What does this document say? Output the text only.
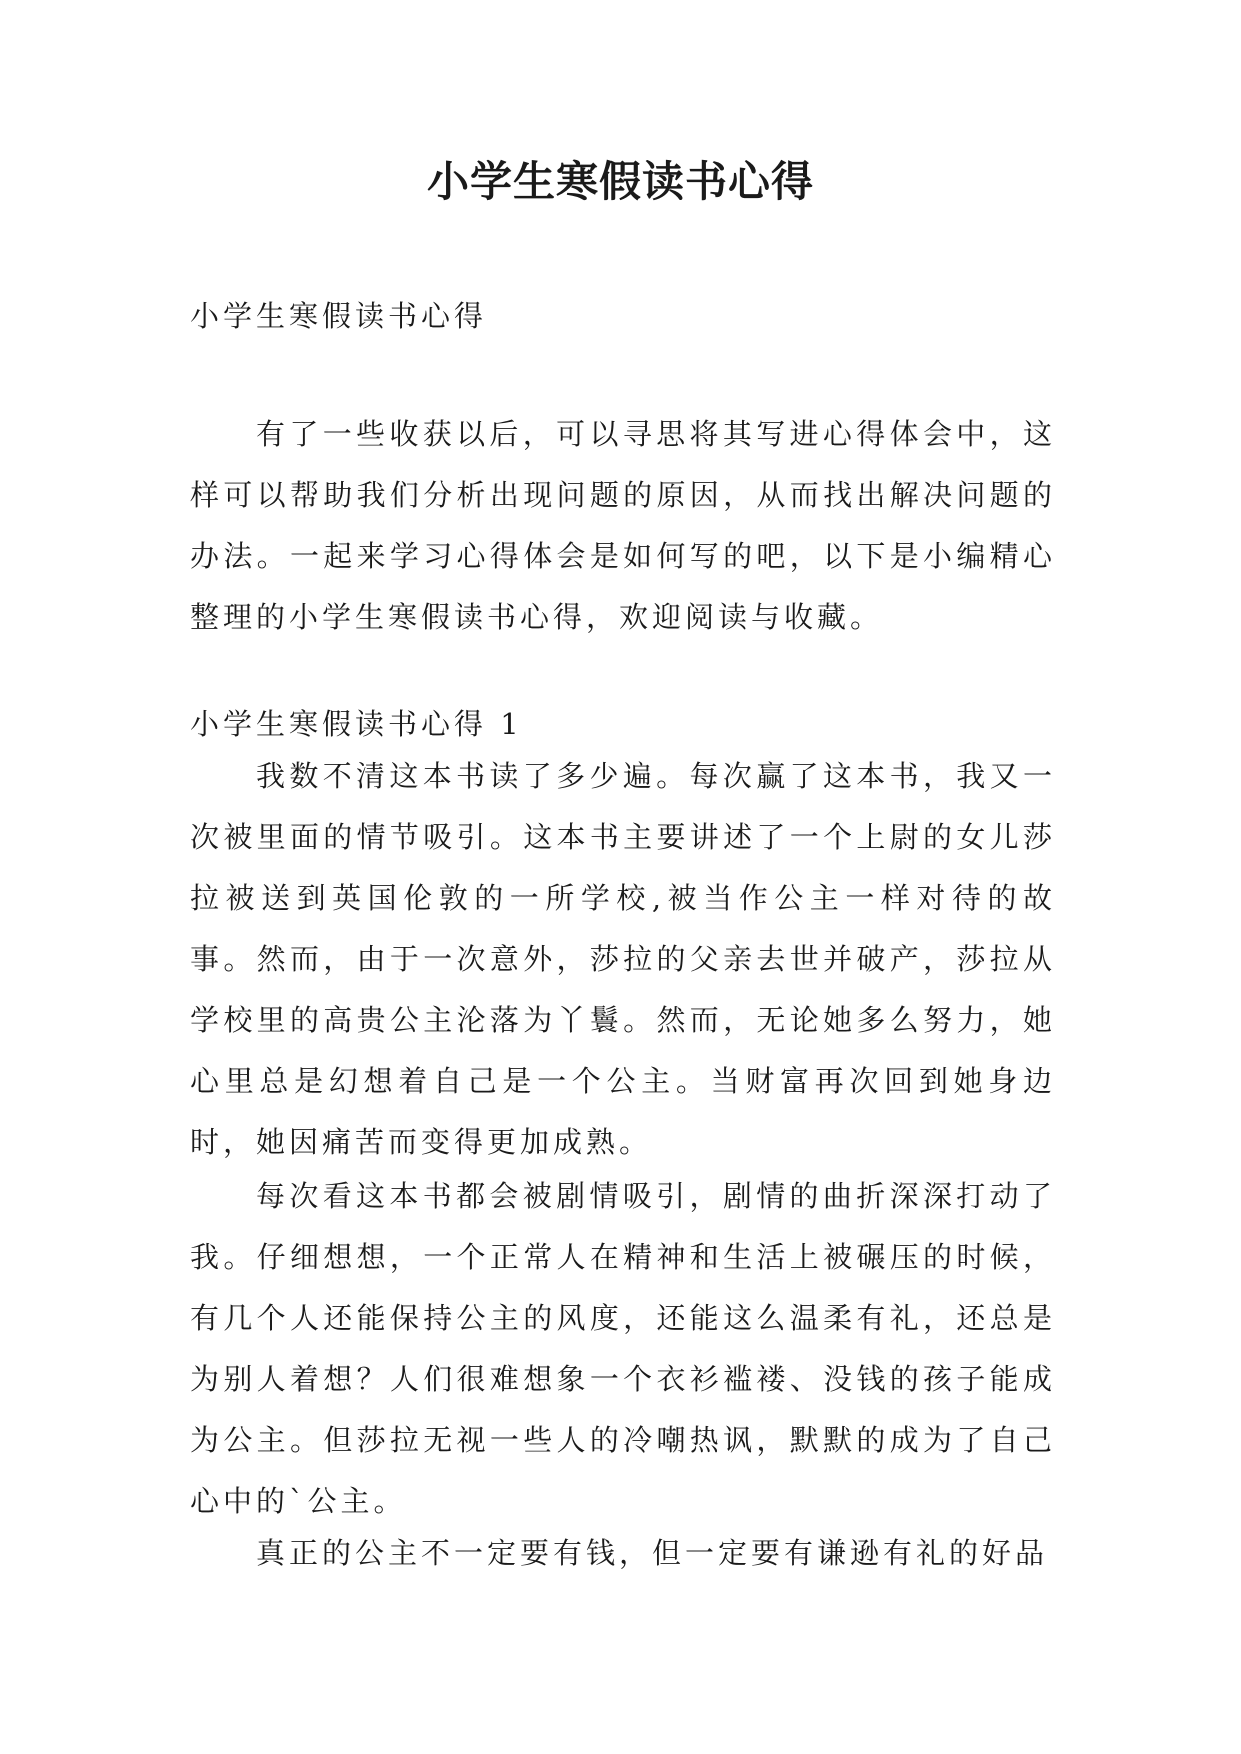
小学生寒假读书心得

小学生寒假读书心得

有了一些收获以后，可以寻思将其写进心得体会中，这样可以帮助我们分析出现问题的原因，从而找出解决问题的办法。一起来学习心得体会是如何写的吧，以下是小编精心整理的小学生寒假读书心得，欢迎阅读与收藏。

小学生寒假读书心得 1

我数不清这本书读了多少遍。每次赢了这本书，我又一次被里面的情节吸引。这本书主要讲述了一个上尉的女儿莎拉被送到英国伦敦的一所学校,被当作公主一样对待的故事。然而，由于一次意外，莎拉的父亲去世并破产，莎拉从学校里的高贵公主沦落为丫鬟。然而，无论她多么努力，她心里总是幻想着自己是一个公主。当财富再次回到她身边时，她因痛苦而变得更加成熟。

每次看这本书都会被剧情吸引，剧情的曲折深深打动了我。仔细想想，一个正常人在精神和生活上被碾压的时候，有几个人还能保持公主的风度，还能这么温柔有礼，还总是为别人着想？人们很难想象一个衣衫褴褛、没钱的孩子能成为公主。但莎拉无视一些人的冷嘲热讽，默默的成为了自己心中的`公主。

真正的公主不一定要有钱，但一定要有谦逊有礼的好品
